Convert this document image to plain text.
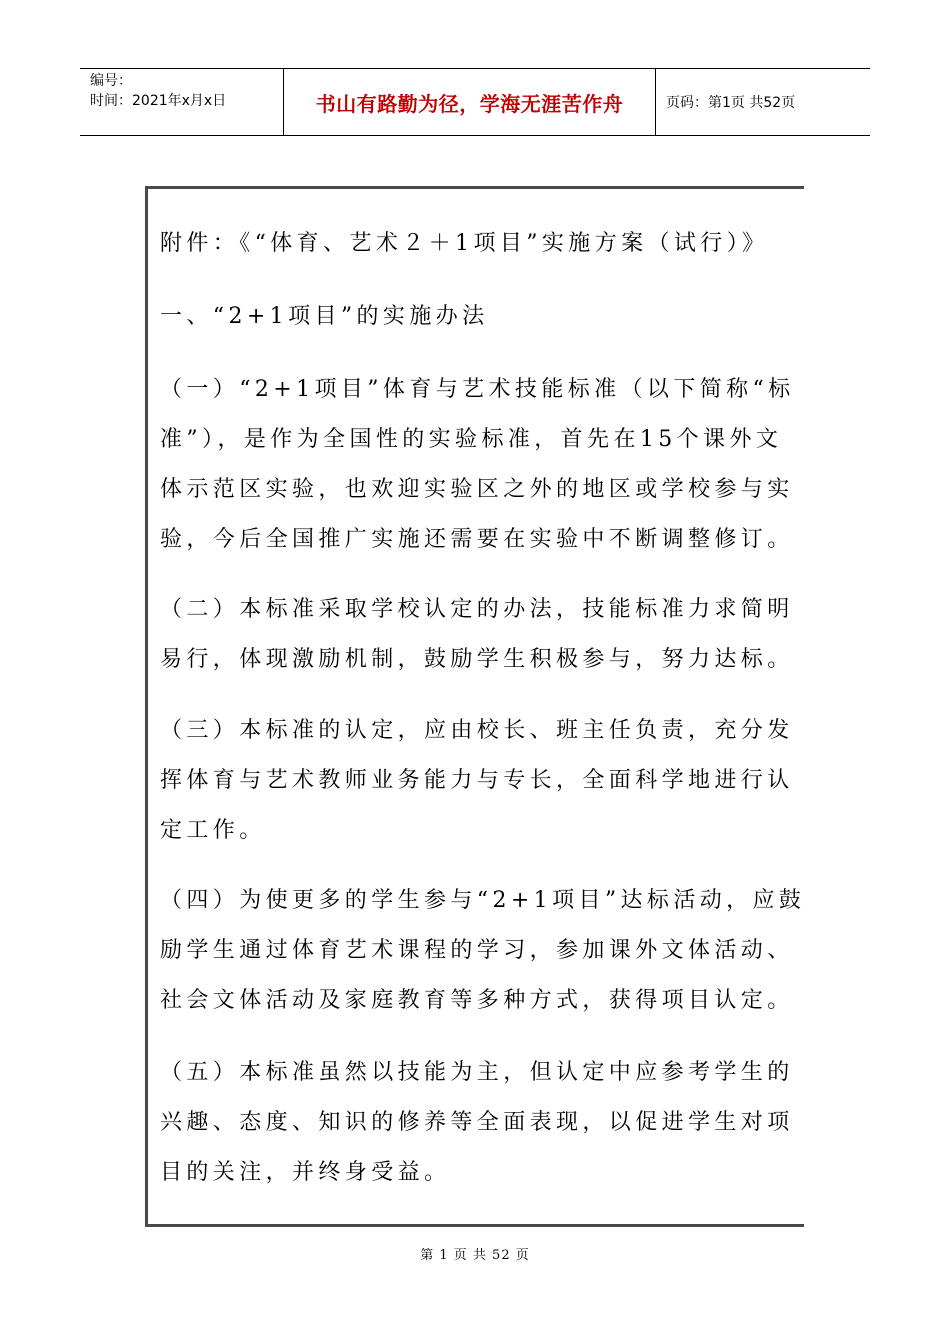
编号：
时间：2021年x月x日	书山有路勤为径，学海无涯苦作舟	页码：第1页 共52页

附件：《“体育、艺术２＋1项目”实施方案（试行）》

一、“2+1项目”的实施办法

（一）“2+1项目”体育与艺术技能标准（以下简称“标
准”），是作为全国性的实验标准，首先在15个课外文
体示范区实验，也欢迎实验区之外的地区或学校参与实
验，今后全国推广实施还需要在实验中不断调整修订。

（二）本标准采取学校认定的办法，技能标准力求简明
易行，体现激励机制，鼓励学生积极参与，努力达标。

（三）本标准的认定，应由校长、班主任负责，充分发
挥体育与艺术教师业务能力与专长，全面科学地进行认
定工作。

（四）为使更多的学生参与“2+1项目”达标活动，应鼓
励学生通过体育艺术课程的学习，参加课外文体活动、
社会文体活动及家庭教育等多种方式，获得项目认定。

（五）本标准虽然以技能为主，但认定中应参考学生的
兴趣、态度、知识的修养等全面表现，以促进学生对项
目的关注，并终身受益。

第 1 页 共 52 页
